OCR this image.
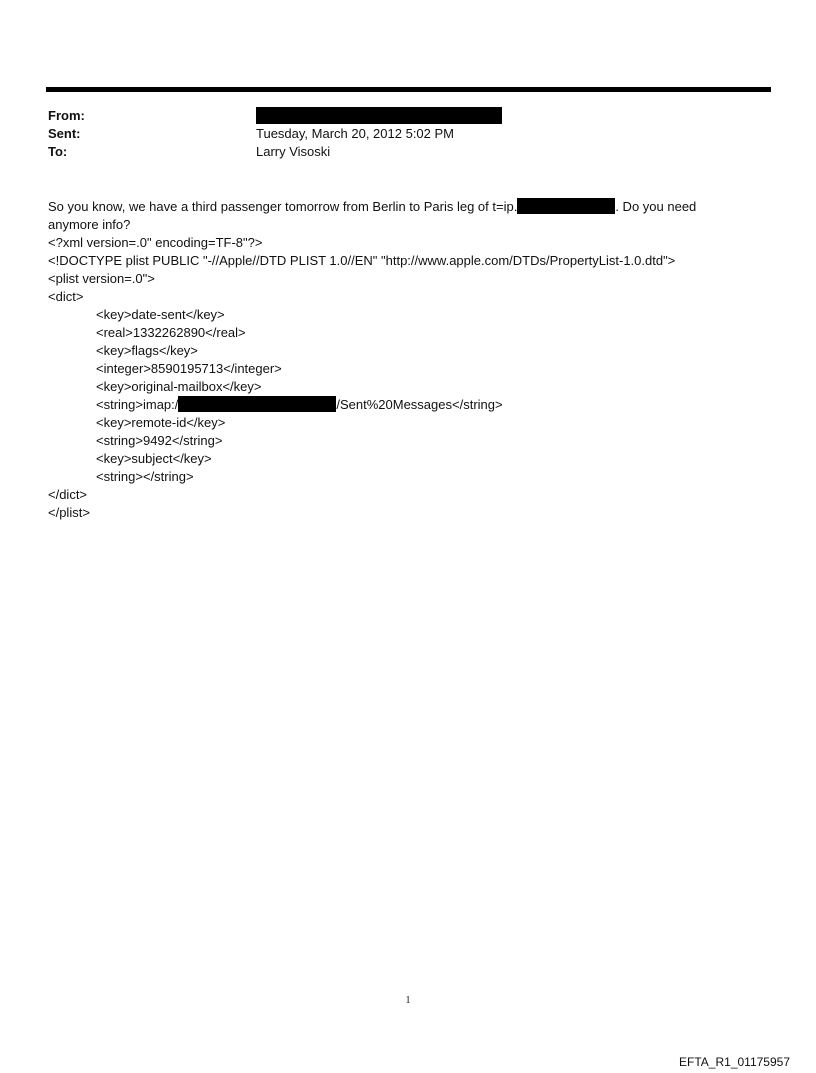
From:
Sent:	Tuesday, March 20, 2012 5:02 PM
To:	Larry Visoski
So you know, we have a third passenger tomorrow from Berlin to Paris leg of t=ip.	. Do you need
anymore info?
<?xml version=.0" encoding=TF-8"?>
<!DOCTYPE plist PUBLIC "-//Apple//DTD PLIST 1.0//EN" "http://www.apple.com/DTDs/PropertyList-1.0.dtd">
<plist version=.0">
<dict>
<key>date-sent</key>
<real>1332262890</real>
<key>flags</key>
<integer>8590195713</integer>
<key>original-mailbox</key>
<string>imap:/	/Sent%20Messages</string>
<key>remote-id</key>
<string>9492</string>
<key>subject</key>
<string></string>
</dict>
</plist>
1
EFTA_R1_01175957
